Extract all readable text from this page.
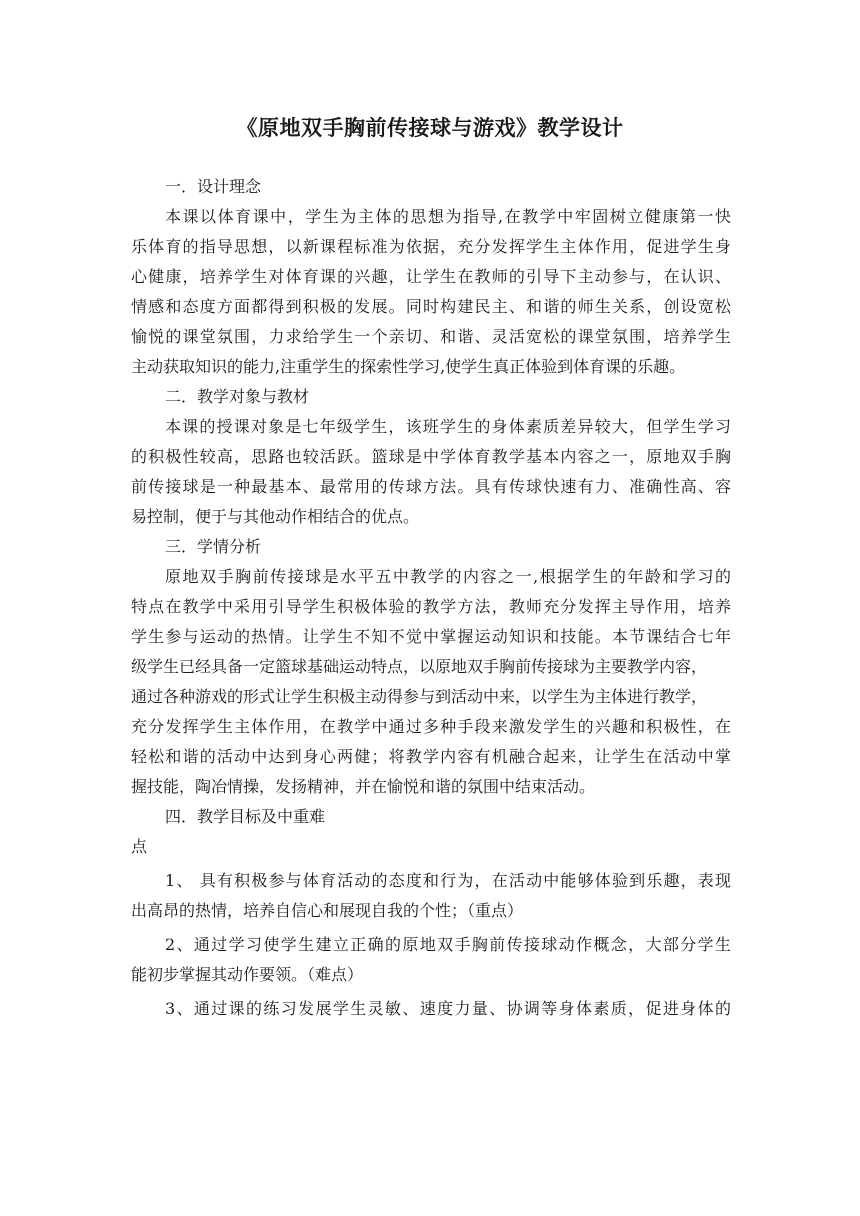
《原地双手胸前传接球与游戏》教学设计
一．设计理念
本课以体育课中，学生为主体的思想为指导,在教学中牢固树立健康第一快
乐体育的指导思想，以新课程标准为依据，充分发挥学生主体作用，促进学生身
心健康，培养学生对体育课的兴趣，让学生在教师的引导下主动参与，在认识、
情感和态度方面都得到积极的发展。同时构建民主、和谐的师生关系，创设宽松
愉悦的课堂氛围，力求给学生一个亲切、和谐、灵活宽松的课堂氛围，培养学生
主动获取知识的能力,注重学生的探索性学习,使学生真正体验到体育课的乐趣。
二．教学对象与教材
本课的授课对象是七年级学生，该班学生的身体素质差异较大，但学生学习
的积极性较高，思路也较活跃。篮球是中学体育教学基本内容之一，原地双手胸
前传接球是一种最基本、最常用的传球方法。具有传球快速有力、准确性高、容
易控制，便于与其他动作相结合的优点。
三．学情分析
原地双手胸前传接球是水平五中教学的内容之一,根据学生的年龄和学习的
特点在教学中采用引导学生积极体验的教学方法，教师充分发挥主导作用，培养
学生参与运动的热情。让学生不知不觉中掌握运动知识和技能。本节课结合七年
级学生已经具备一定篮球基础运动特点，以原地双手胸前传接球为主要教学内容，
通过各种游戏的形式让学生积极主动得参与到活动中来，以学生为主体进行教学，
充分发挥学生主体作用，在教学中通过多种手段来激发学生的兴趣和积极性，在
轻松和谐的活动中达到身心两健；将教学内容有机融合起来，让学生在活动中掌
握技能，陶冶情操，发扬精神，并在愉悦和谐的氛围中结束活动。
四．教学目标及中重难
点
1、 具有积极参与体育活动的态度和行为，在活动中能够体验到乐趣，表现
出高昂的热情，培养自信心和展现自我的个性；（重点）
2、通过学习使学生建立正确的原地双手胸前传接球动作概念，大部分学生
能初步掌握其动作要领。（难点）
3、通过课的练习发展学生灵敏、速度力量、协调等身体素质，促进身体的
